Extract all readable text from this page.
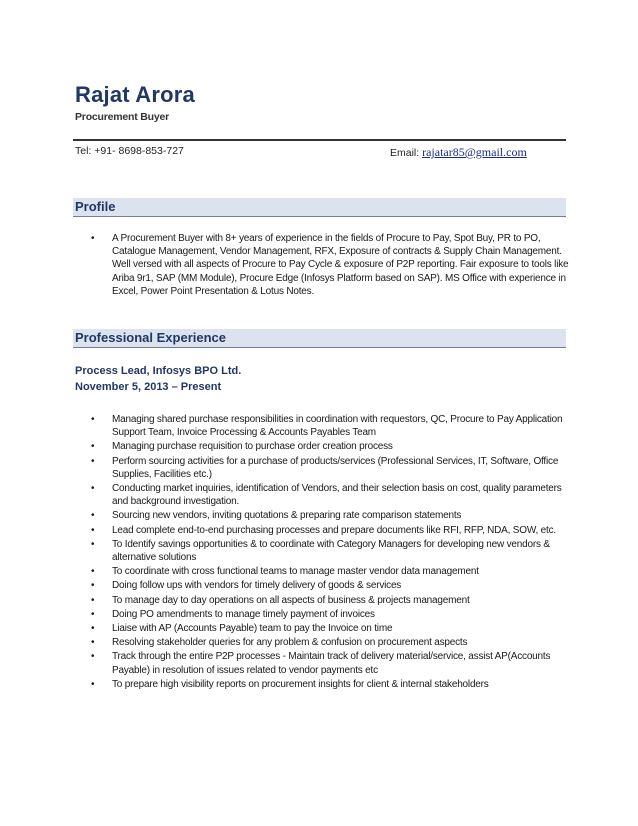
Rajat Arora
Procurement Buyer
Tel: +91- 8698-853-727	Email: rajatar85@gmail.com
Profile
• A Procurement Buyer with 8+ years of experience in the fields of Procure to Pay, Spot Buy, PR to PO, Catalogue Management, Vendor Management, RFX, Exposure of contracts & Supply Chain Management. Well versed with all aspects of Procure to Pay Cycle & exposure of P2P reporting. Fair exposure to tools like Ariba 9r1, SAP (MM Module), Procure Edge (Infosys Platform based on SAP). MS Office with experience in Excel, Power Point Presentation & Lotus Notes.
Professional Experience
Process Lead, Infosys BPO Ltd.
November 5, 2013 – Present
• Managing shared purchase responsibilities in coordination with requestors, QC, Procure to Pay Application Support Team, Invoice Processing & Accounts Payables Team
• Managing purchase requisition to purchase order creation process
• Perform sourcing activities for a purchase of products/services (Professional Services, IT, Software, Office Supplies, Facilities etc.)
• Conducting market inquiries, identification of Vendors, and their selection basis on cost, quality parameters and background investigation.
• Sourcing new vendors, inviting quotations & preparing rate comparison statements
• Lead complete end-to-end purchasing processes and prepare documents like RFI, RFP, NDA, SOW, etc.
• To Identify savings opportunities & to coordinate with Category Managers for developing new vendors & alternative solutions
• To coordinate with cross functional teams to manage master vendor data management
• Doing follow ups with vendors for timely delivery of goods & services
• To manage day to day operations on all aspects of business & projects management
• Doing PO amendments to manage timely payment of invoices
• Liaise with AP (Accounts Payable) team to pay the Invoice on time
• Resolving stakeholder queries for any problem & confusion on procurement aspects
• Track through the entire P2P processes - Maintain track of delivery material/service, assist AP(Accounts Payable) in resolution of issues related to vendor payments etc
• To prepare high visibility reports on procurement insights for client & internal stakeholders
